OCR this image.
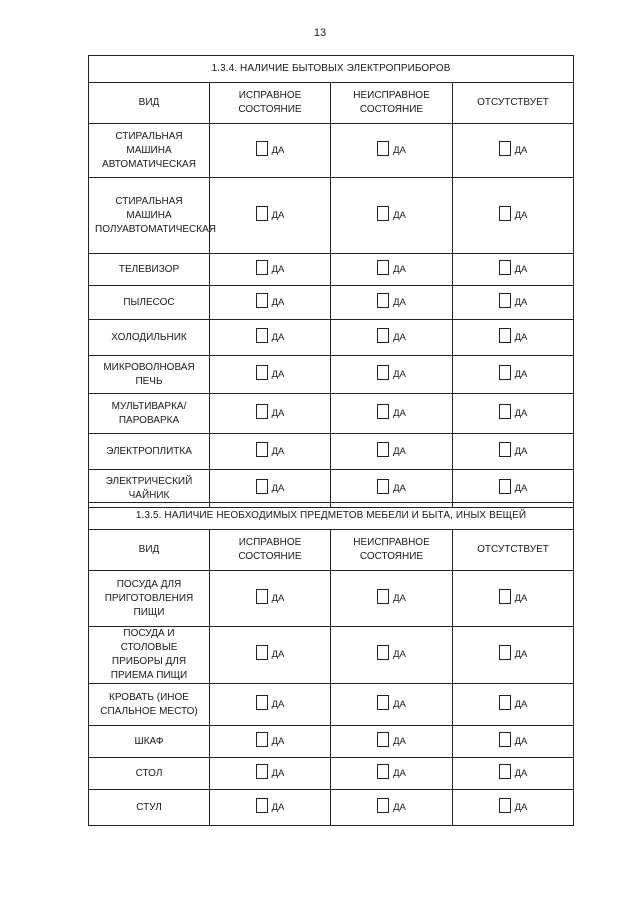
13
1.3.4. НАЛИЧИЕ БЫТОВЫХ ЭЛЕКТРОПРИБОРОВ			
ВИД	ИСПРАВНОЕ СОСТОЯНИЕ	НЕИСПРАВНОЕ СОСТОЯНИЕ	ОТСУТСТВУЕТ
СТИРАЛЬНАЯ МАШИНА АВТОМАТИЧЕСКАЯ	ДА	ДА	ДА

СТИРАЛЬНАЯ МАШИНА ПОЛУАВТОМАТИЧЕСКАЯ	ДА	ДА	ДА

ТЕЛЕВИЗОР	ДА	ДА	ДА

ПЫЛЕСОС	ДА	ДА	ДА

ХОЛОДИЛЬНИК	ДА	ДА	ДА

МИКРОВОЛНОВАЯ ПЕЧЬ	ДА	ДА	ДА

МУЛЬТИВАРКА/ПАРОВАРКА	ДА	ДА	ДА

ЭЛЕКТРОПЛИТКА	ДА	ДА	ДА

ЭЛЕКТРИЧЕСКИЙ ЧАЙНИК	ДА	ДА	ДА
1.3.5. НАЛИЧИЕ НЕОБХОДИМЫХ ПРЕДМЕТОВ МЕБЕЛИ И БЫТА, ИНЫХ ВЕЩЕЙ			
ВИД	ИСПРАВНОЕ СОСТОЯНИЕ	НЕИСПРАВНОЕ СОСТОЯНИЕ	ОТСУТСТВУЕТ
ПОСУДА ДЛЯ ПРИГОТОВЛЕНИЯ ПИЩИ	ДА	ДА	ДА

ПОСУДА И СТОЛОВЫЕ ПРИБОРЫ ДЛЯ ПРИЕМА ПИЩИ	ДА	ДА	ДА

КРОВАТЬ (ИНОЕ СПАЛЬНОЕ МЕСТО)	ДА	ДА	ДА

ШКАФ	ДА	ДА	ДА

СТОЛ	ДА	ДА	ДА

СТУЛ	ДА	ДА	ДА
